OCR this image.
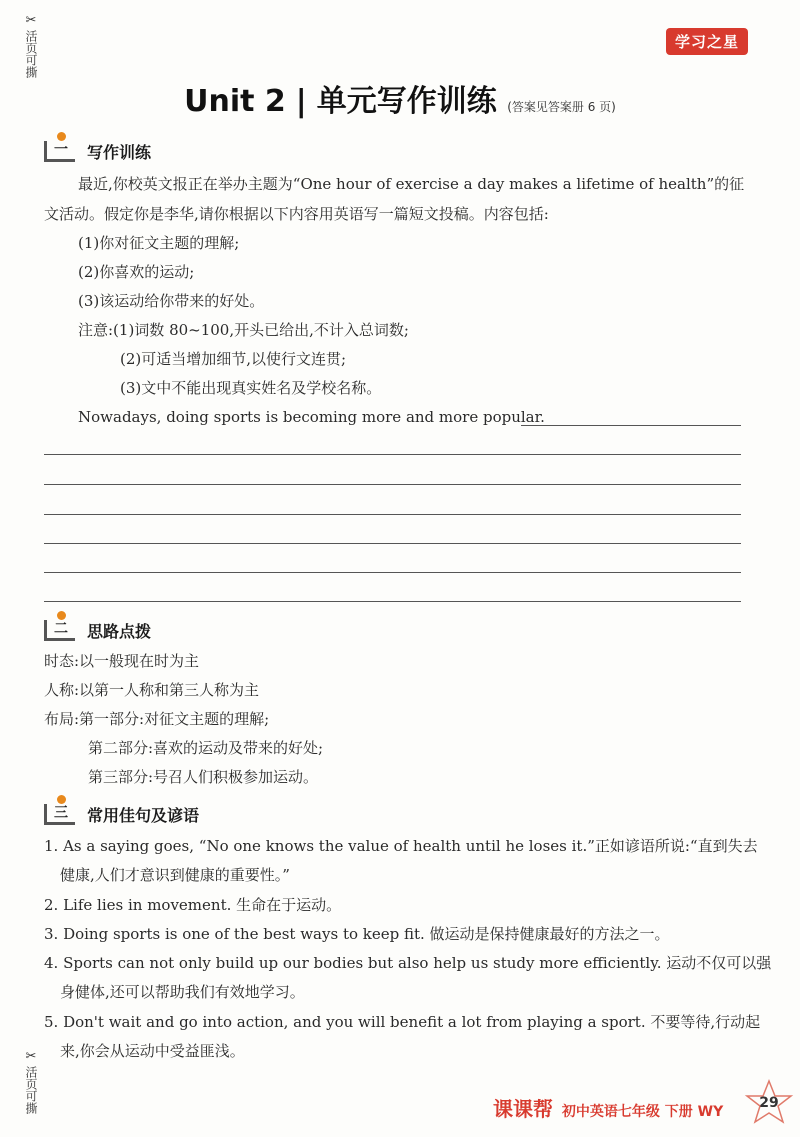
✂
活页可撕
✂
活页可撕
学习之星
Unit 2 | 单元写作训练 (答案见答案册 6 页)
一	写作训练
最近,你校英文报正在举办主题为“One hour of exercise a day makes a lifetime of health”的征
文活动。假定你是李华,请你根据以下内容用英语写一篇短文投稿。内容包括:
(1)你对征文主题的理解;
(2)你喜欢的运动;
(3)该运动给你带来的好处。
注意:(1)词数 80~100,开头已给出,不计入总词数;
(2)可适当增加细节,以使行文连贯;
(3)文中不能出现真实姓名及学校名称。
Nowadays, doing sports is becoming more and more popular.
二	思路点拨
时态:以一般现在时为主
人称:以第一人称和第三人称为主
布局:第一部分:对征文主题的理解;
第二部分:喜欢的运动及带来的好处;
第三部分:号召人们积极参加运动。
三	常用佳句及谚语
1. As a saying goes, “No one knows the value of health until he loses it.”正如谚语所说:“直到失去
健康,人们才意识到健康的重要性。”
2. Life lies in movement. 生命在于运动。
3. Doing sports is one of the best ways to keep fit. 做运动是保持健康最好的方法之一。
4. Sports can not only build up our bodies but also help us study more efficiently. 运动不仅可以强
身健体,还可以帮助我们有效地学习。
5. Don't wait and go into action, and you will benefit a lot from playing a sport. 不要等待,行动起
来,你会从运动中受益匪浅。
课课帮 初中英语七年级 下册 WY
29
